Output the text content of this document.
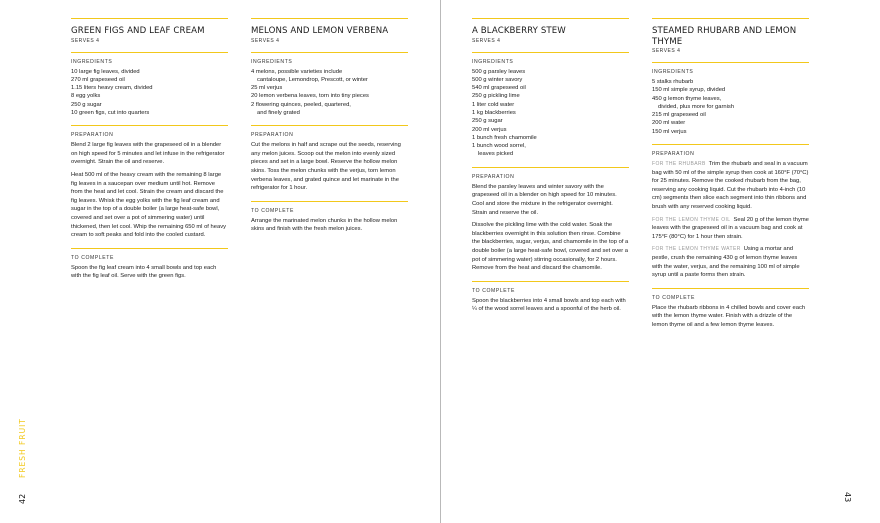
GREEN FIGS AND LEAF CREAM
SERVES 4
INGREDIENTS
10 large fig leaves, divided
270 ml grapeseed oil
1.15 liters heavy cream, divided
8 egg yolks
250 g sugar
10 green figs, cut into quarters
PREPARATION
Blend 2 large fig leaves with the grapeseed oil in a blender on high speed for 5 minutes and let infuse in the refrigerator overnight. Strain the oil and reserve.
Heat 500 ml of the heavy cream with the remaining 8 large fig leaves in a saucepan over medium until hot. Remove from the heat and let cool. Strain the cream and discard the fig leaves. Whisk the egg yolks with the fig leaf cream and sugar in the top of a double boiler (a large heat-safe bowl, covered and set over a pot of simmering water) until thickened, then let cool. Whip the remaining 650 ml of heavy cream to soft peaks and fold into the cooled custard.
TO COMPLETE
Spoon the fig leaf cream into 4 small bowls and top each with the fig leaf oil. Serve with the green figs.
MELONS AND LEMON VERBENA
SERVES 4
INGREDIENTS
4 melons, possible varieties include
cantaloupe, Lemondrop, Prescott, or winter
25 ml verjus
20 lemon verbena leaves, torn into tiny pieces
2 flowering quinces, peeled, quartered,
and finely grated
PREPARATION
Cut the melons in half and scrape out the seeds, reserving any melon juices. Scoop out the melon into evenly sized pieces and set in a large bowl. Reserve the hollow melon skins. Toss the melon chunks with the verjus, torn lemon verbena leaves, and grated quince and let marinate in the refrigerator for 1 hour.
TO COMPLETE
Arrange the marinated melon chunks in the hollow melon skins and finish with the fresh melon juices.
A BLACKBERRY STEW
SERVES 4
INGREDIENTS
500 g parsley leaves
500 g winter savory
540 ml grapeseed oil
250 g pickling lime
1 liter cold water
1 kg blackberries
250 g sugar
200 ml verjus
1 bunch fresh chamomile
1 bunch wood sorrel,
leaves picked
PREPARATION
Blend the parsley leaves and winter savory with the grapeseed oil in a blender on high speed for 10 minutes. Cool and store the mixture in the refrigerator overnight. Strain and reserve the oil.
Dissolve the pickling lime with the cold water. Soak the blackberries overnight in this solution then rinse. Combine the blackberries, sugar, verjus, and chamomile in the top of a double boiler (a large heat-safe bowl, covered and set over a pot of simmering water) stirring occasionally, for 2 hours. Remove from the heat and discard the chamomile.
TO COMPLETE
Spoon the blackberries into 4 small bowls and top each with ¼ of the wood sorrel leaves and a spoonful of the herb oil.
STEAMED RHUBARB AND LEMON THYME
SERVES 4
INGREDIENTS
5 stalks rhubarb
150 ml simple syrup, divided
450 g lemon thyme leaves,
divided, plus more for garnish
215 ml grapeseed oil
200 ml water
150 ml verjus
PREPARATION
FOR THE RHUBARB Trim the rhubarb and seal in a vacuum bag with 50 ml of the simple syrup then cook at 160°F (70°C) for 25 minutes. Remove the cooked rhubarb from the bag, reserving any cooking liquid. Cut the rhubarb into 4-inch (10 cm) segments then slice each segment into thin ribbons and brush with any reserved cooking liquid.
FOR THE LEMON THYME OIL Seal 20 g of the lemon thyme leaves with the grapeseed oil in a vacuum bag and cook at 175°F (80°C) for 1 hour then strain.
FOR THE LEMON THYME WATER Using a mortar and pestle, crush the remaining 430 g of lemon thyme leaves with the water, verjus, and the remaining 100 ml of simple syrup until a paste forms then strain.
TO COMPLETE
Place the rhubarb ribbons in 4 chilled bowls and cover each with the lemon thyme water. Finish with a drizzle of the lemon thyme oil and a few lemon thyme leaves.
42
FRESH FRUIT
43
